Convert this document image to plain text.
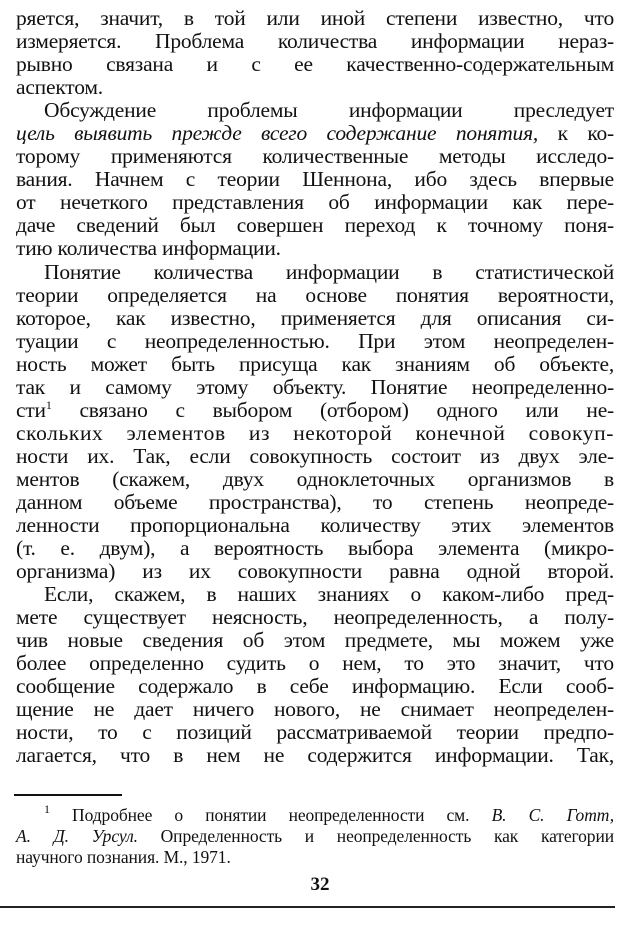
ряется, значит, в той или иной степени известно, что
измеряется. Проблема количества информации нераз-
рывно связана и с ее качественно-содержательным
аспектом.
Обсуждение проблемы информации преследует
цель выявить прежде всего содержание понятия, к ко-
торому применяются количественные методы исследо-
вания. Начнем с теории Шеннона, ибо здесь впервые
от нечеткого представления об информации как пере-
даче сведений был совершен переход к точному поня-
тию количества информации.
Понятие количества информации в статистической
теории определяется на основе понятия вероятности,
которое, как известно, применяется для описания си-
туации с неопределенностью. При этом неопределен-
ность может быть присуща как знаниям об объекте,
так и самому этому объекту. Понятие неопределенно-
сти$^1$ связано с выбором (отбором) одного или не-
скольких элементов из некоторой конечной совокуп-
ности их. Так, если совокупность состоит из двух эле-
ментов (скажем, двух одноклеточных организмов в
данном объеме пространства), то степень неопреде-
ленности пропорциональна количеству этих элементов
(т. е. двум), а вероятность выбора элемента (микро-
организма) из их совокупности равна одной второй.
Если, скажем, в наших знаниях о каком-либо пред-
мете существует неясность, неопределенность, а полу-
чив новые сведения об этом предмете, мы можем уже
более определенно судить о нем, то это значит, что
сообщение содержало в себе информацию. Если сооб-
щение не дает ничего нового, не снимает неопределен-
ности, то с позиций рассматриваемой теории предпо-
лагается, что в нем не содержится информации. Так,
$^1$ Подробнее о понятии неопределенности см. В. С. Готт,
А. Д. Урсул. Определенность и неопределенность как категории
научного познания. М., 1971.
32
